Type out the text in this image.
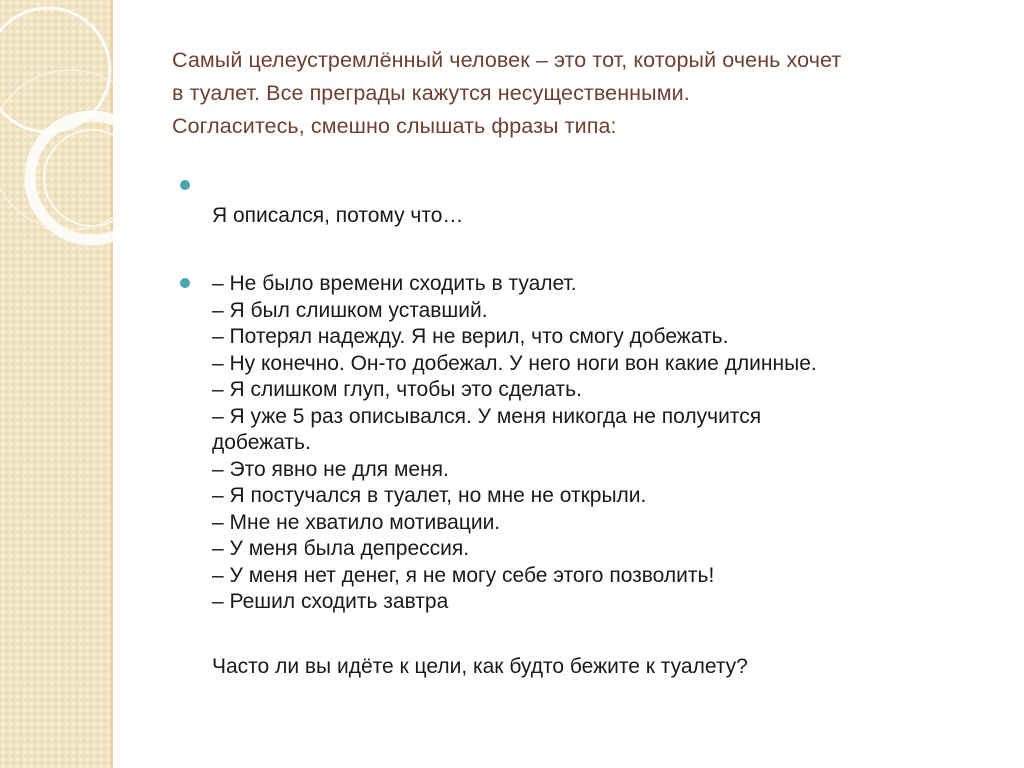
Самый целеустремлённый человек – это тот, который очень хочет
в туалет. Все преграды кажутся несущественными.
Согласитесь, смешно слышать фразы типа:
Я описался, потому что…
– Не было времени сходить в туалет.
– Я был слишком уставший.
– Потерял надежду. Я не верил, что смогу добежать.
– Ну конечно. Он-то добежал. У него ноги вон какие длинные.
– Я слишком глуп, чтобы это сделать.
– Я уже 5 раз описывался. У меня никогда не получится
добежать.
– Это явно не для меня.
– Я постучался в туалет, но мне не открыли.
– Мне не хватило мотивации.
– У меня была депрессия.
– У меня нет денег, я не могу себе этого позволить!
– Решил сходить завтра
Часто ли вы идёте к цели, как будто бежите к туалету?
